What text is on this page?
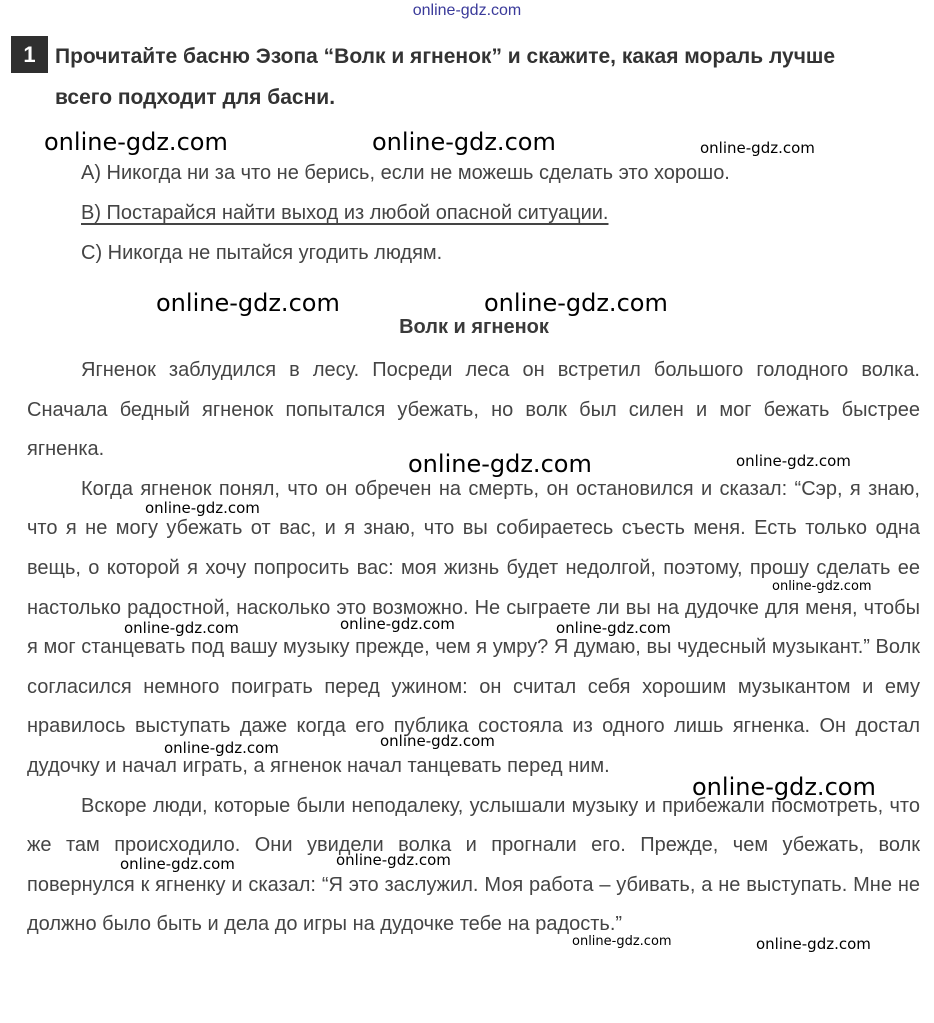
online-gdz.com
1 Прочитайте басню Эзопа “Волк и ягненок” и скажите, какая мораль лучше
всего подходит для басни.
A) Никогда ни за что не берись, если не можешь сделать это хорошо.
B) Постарайся найти выход из любой опасной ситуации.
C) Никогда не пытайся угодить людям.
Волк и ягненок

Ягненок заблудился в лесу. Посреди леса он встретил большого голодного волка. Сначала бедный ягненок попытался убежать, но волк был силен и мог бежать быстрее ягненка.

Когда ягненок понял, что он обречен на смерть, он остановился и сказал: “Сэр, я знаю, что я не могу убежать от вас, и я знаю, что вы собираетесь съесть меня. Есть только одна вещь, о которой я хочу попросить вас: моя жизнь будет недолгой, поэтому, прошу сделать ее настолько радостной, насколько это возможно. Не сыграете ли вы на дудочке для меня, чтобы я мог станцевать под вашу музыку прежде, чем я умру? Я думаю, вы чудесный музыкант.” Волк согласился немного поиграть перед ужином: он считал себя хорошим музыкантом и ему нравилось выступать даже когда его публика состояла из одного лишь ягненка. Он достал дудочку и начал играть, а ягненок начал танцевать перед ним.

Вскоре люди, которые были неподалеку, услышали музыку и прибежали посмотреть, что же там происходило. Они увидели волка и прогнали его. Прежде, чем убежать, волк повернулся к ягненку и сказал: “Я это заслужил. Моя работа – убивать, а не выступать. Мне не должно было быть и дела до игры на дудочке тебе на радость.”

online-gdz.com	online-gdz.com	online-gdz.com
online-gdz.com	online-gdz.com
online-gdz.com	online-gdz.com
online-gdz.com
online-gdz.com
online-gdz.com	online-gdz.com	online-gdz.com
online-gdz.com	online-gdz.com
online-gdz.com
online-gdz.com	online-gdz.com
online-gdz.com	online-gdz.com
